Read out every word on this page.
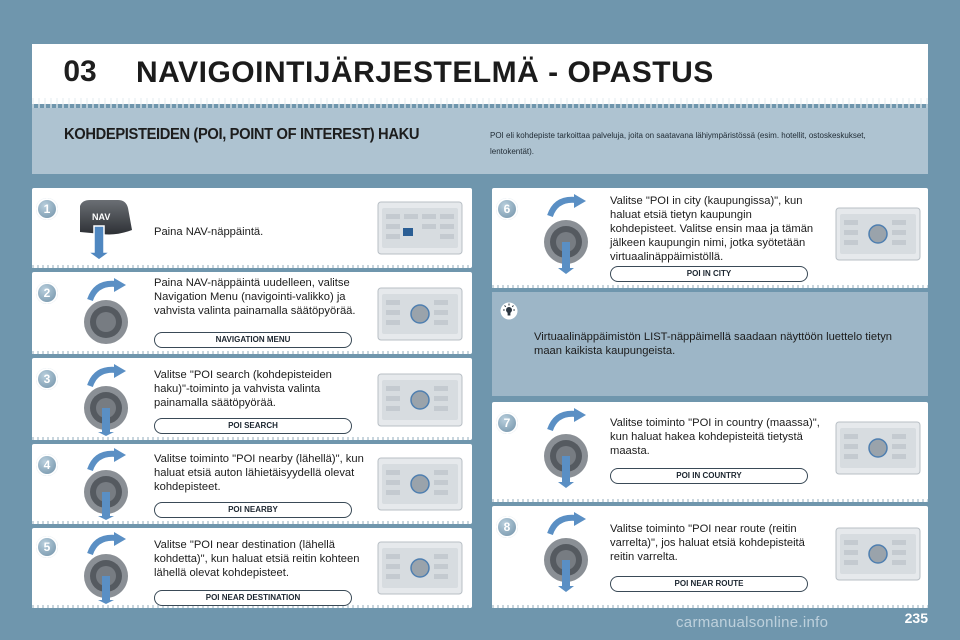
03	NAVIGOINTIJÄRJESTELMÄ - OPASTUS
KOHDEPISTEIDEN (POI, POINT OF INTEREST) HAKU	POI eli kohdepiste tarkoittaa palveluja, joita on saatavana lähiympäristössä (esim. hotellit, ostoskeskukset, lentokentät).
1
NAV
Paina NAV-näppäintä.
2
Paina NAV-näppäintä uudelleen, valitse Navigation Menu (navigointi-valikko) ja vahvista valinta painamalla säätöpyörää.
NAVIGATION MENU
3	Valitse "POI search (kohdepisteiden haku)"-toiminto ja vahvista valinta painamalla säätöpyörää.
POI SEARCH
4	Valitse toiminto "POI nearby (lähellä)", kun haluat etsiä auton lähietäisyydellä olevat kohdepisteet.
POI NEARBY
5	Valitse "POI near destination (lähellä kohdetta)", kun haluat etsiä reitin kohteen lähellä olevat kohdepisteet.
POI NEAR DESTINATION
6
Valitse "POI in city (kaupungissa)", kun haluat etsiä tietyn kaupungin kohdepisteet. Valitse ensin maa ja tämän jälkeen kaupungin nimi, jotka syötetään virtuaalinäppäimistöllä.
POI IN CITY
Virtuaalinäppäimistön LIST-näppäimellä saadaan näyttöön luettelo tietyn maan kaikista kaupungeista.
7	Valitse toiminto "POI in country (maassa)", kun haluat hakea kohdepisteitä tietystä maasta.
POI IN COUNTRY
8	Valitse toiminto "POI near route (reitin varrelta)", jos haluat etsiä kohdepisteitä reitin varrelta.
POI NEAR ROUTE
carmanualsonline.info	235
